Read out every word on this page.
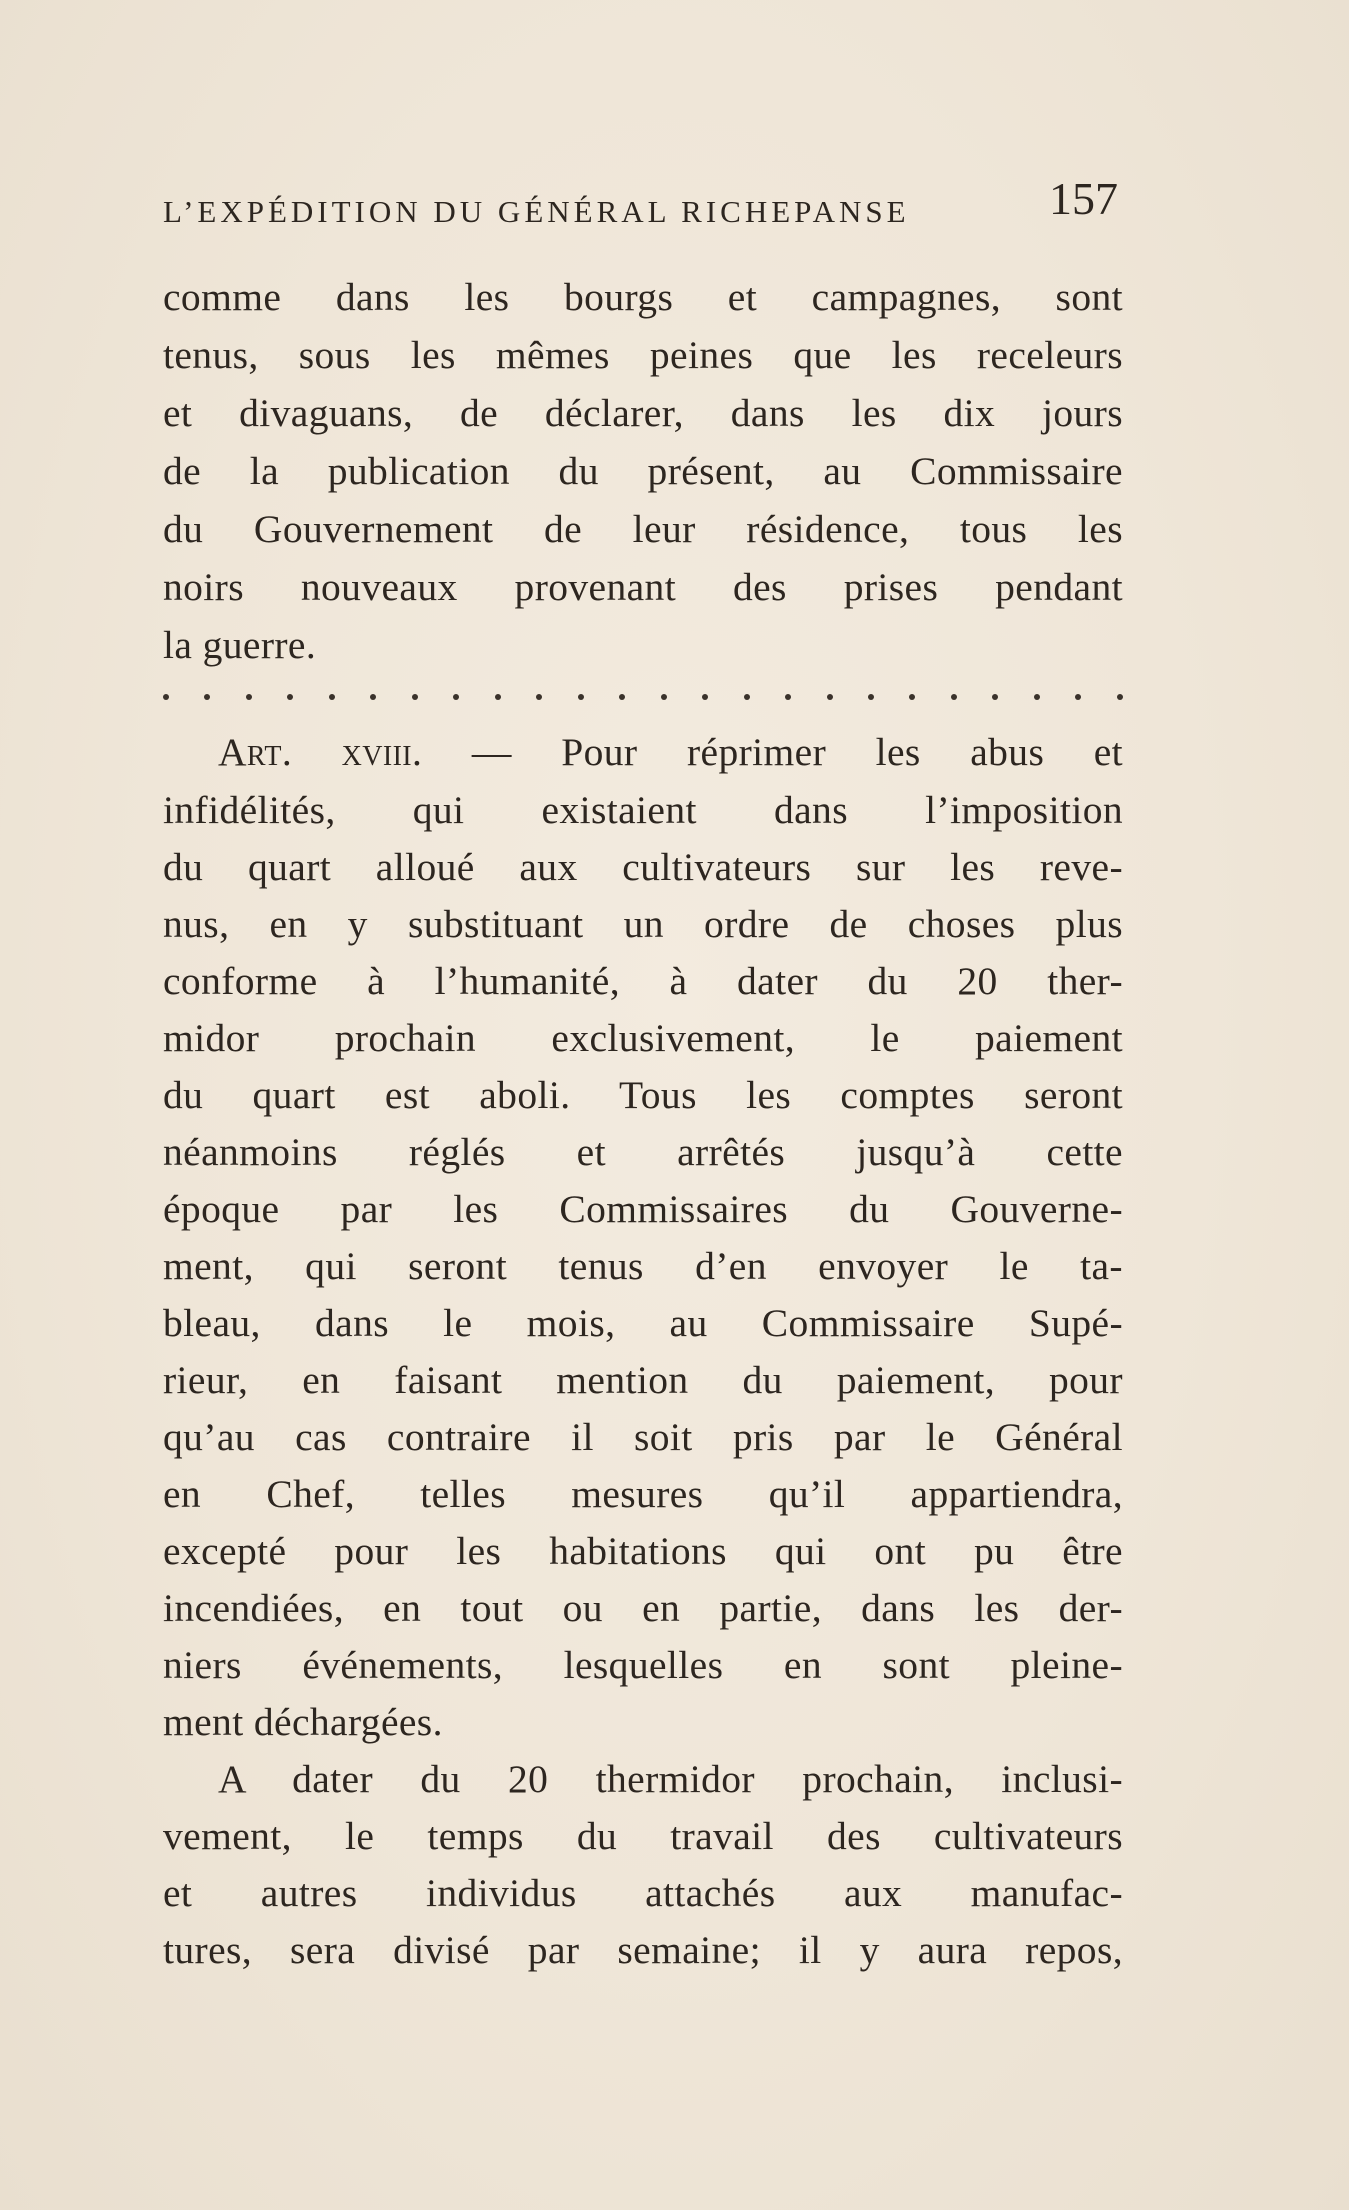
L’EXPÉDITION DU GÉNÉRAL RICHEPANSE	157
comme dans les bourgs et campagnes, sont
tenus, sous les mêmes peines que les receleurs
et divaguans, de déclarer, dans les dix jours
de la publication du présent, au Commissaire
du Gouvernement de leur résidence, tous les
noirs nouveaux provenant des prises pendant
la guerre.
Art. xviii. — Pour réprimer les abus et
infidélités, qui existaient dans l’imposition
du quart alloué aux cultivateurs sur les reve-
nus, en y substituant un ordre de choses plus
conforme à l’humanité, à dater du 20 ther-
midor prochain exclusivement, le paiement
du quart est aboli. Tous les comptes seront
néanmoins réglés et arrêtés jusqu’à cette
époque par les Commissaires du Gouverne-
ment, qui seront tenus d’en envoyer le ta-
bleau, dans le mois, au Commissaire Supé-
rieur, en faisant mention du paiement, pour
qu’au cas contraire il soit pris par le Général
en Chef, telles mesures qu’il appartiendra,
excepté pour les habitations qui ont pu être
incendiées, en tout ou en partie, dans les der-
niers événements, lesquelles en sont pleine-
ment déchargées.
A dater du 20 thermidor prochain, inclusi-
vement, le temps du travail des cultivateurs
et autres individus attachés aux manufac-
tures, sera divisé par semaine; il y aura repos,
